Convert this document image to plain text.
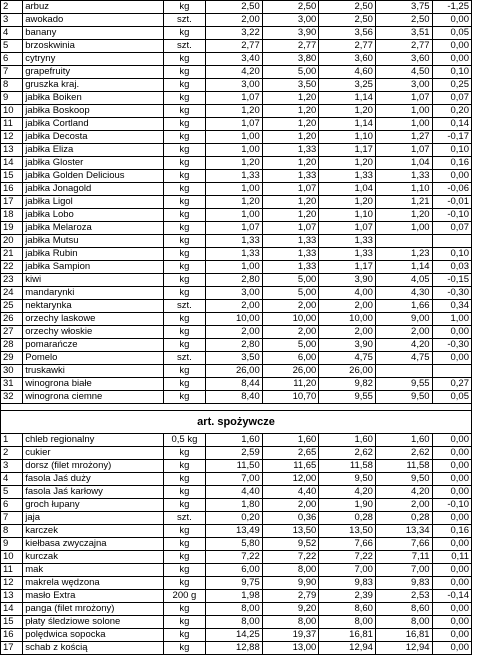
2	arbuz	kg	2,50	2,50	2,50	3,75	-1,25
3	awokado	szt.	2,00	3,00	2,50	2,50	0,00
4	banany	kg	3,22	3,90	3,56	3,51	0,05
5	brzoskwinia	szt.	2,77	2,77	2,77	2,77	0,00
6	cytryny	kg	3,40	3,80	3,60	3,60	0,00
7	grapefruity	kg	4,20	5,00	4,60	4,50	0,10
8	gruszka kraj.	kg	3,00	3,50	3,25	3,00	0,25
9	jabłka Boiken	kg	1,07	1,20	1,14	1,07	0,07
10	jabłka Boskoop	kg	1,20	1,20	1,20	1,00	0,20
11	jabłka Cortland	kg	1,07	1,20	1,14	1,00	0,14
12	jabłka Decosta	kg	1,00	1,20	1,10	1,27	-0,17
13	jabłka Eliza	kg	1,00	1,33	1,17	1,07	0,10
14	jabłka Gloster	kg	1,20	1,20	1,20	1,04	0,16
15	jabłka Golden Delicious	kg	1,33	1,33	1,33	1,33	0,00
16	jabłka Jonagold	kg	1,00	1,07	1,04	1,10	-0,06
17	jabłka Ligol	kg	1,20	1,20	1,20	1,21	-0,01
18	jabłka Lobo	kg	1,00	1,20	1,10	1,20	-0,10
19	jabłka Melaroza	kg	1,07	1,07	1,07	1,00	0,07
20	jabłka Mutsu	kg	1,33	1,33	1,33		
21	jabłka Rubin	kg	1,33	1,33	1,33	1,23	0,10
22	jabłka Sampion	kg	1,00	1,33	1,17	1,14	0,03
23	kiwi	kg	2,80	5,00	3,90	4,05	-0,15
24	mandarynki	kg	3,00	5,00	4,00	4,30	-0,30
25	nektarynka	szt.	2,00	2,00	2,00	1,66	0,34
26	orzechy laskowe	kg	10,00	10,00	10,00	9,00	1,00
27	orzechy włoskie	kg	2,00	2,00	2,00	2,00	0,00
28	pomarańcze	kg	2,80	5,00	3,90	4,20	-0,30
29	Pomelo	szt.	3,50	6,00	4,75	4,75	0,00
30	truskawki	kg	26,00	26,00	26,00		
31	winogrona białe	kg	8,44	11,20	9,82	9,55	0,27
32	winogrona ciemne	kg	8,40	10,70	9,55	9,50	0,05

art. spożywcze							
1	chleb regionalny	0,5 kg	1,60	1,60	1,60	1,60	0,00
2	cukier	kg	2,59	2,65	2,62	2,62	0,00
3	dorsz (filet mrożony)	kg	11,50	11,65	11,58	11,58	0,00
4	fasola Jaś duży	kg	7,00	12,00	9,50	9,50	0,00
5	fasola Jaś karłowy	kg	4,40	4,40	4,20	4,20	0,00
6	groch łupany	kg	1,80	2,00	1,90	2,00	-0,10
7	jaja	szt.	0,20	0,36	0,28	0,28	0,00
8	karczek	kg	13,49	13,50	13,50	13,34	0,16
9	kiełbasa zwyczajna	kg	5,80	9,52	7,66	7,66	0,00
10	kurczak	kg	7,22	7,22	7,22	7,11	0,11
11	mak	kg	6,00	8,00	7,00	7,00	0,00
12	makrela wędzona	kg	9,75	9,90	9,83	9,83	0,00
13	masło Extra	200 g	1,98	2,79	2,39	2,53	-0,14
14	panga (filet mrożony)	kg	8,00	9,20	8,60	8,60	0,00
15	płaty śledziowe solone	kg	8,00	8,00	8,00	8,00	0,00
16	polędwica sopocka	kg	14,25	19,37	16,81	16,81	0,00
17	schab z kością	kg	12,88	13,00	12,94	12,94	0,00
